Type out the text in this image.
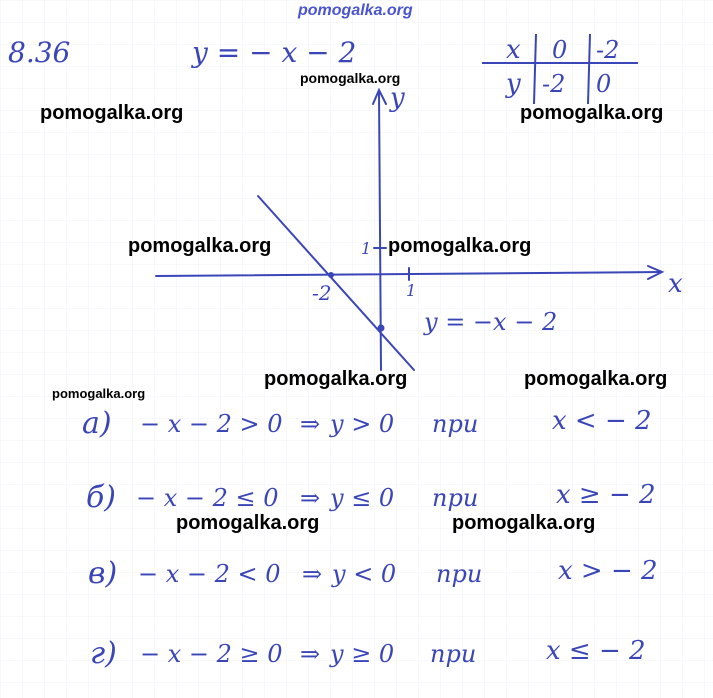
pomogalka.org
8.36	y = − x − 2	x 0 -2
y -2 0
x
y
1
1
-2
y = −x − 2
а) − x − 2 > 0 ⇒ y > 0 при	x < − 2
б) − x − 2 ≤ 0 ⇒ y ≤ 0 при	x ≥ − 2
в) − x − 2 < 0 ⇒ y < 0 при	x > − 2
г) − x − 2 ≥ 0 ⇒ y ≥ 0 при	x ≤ − 2
pomogalka.org
pomogalka.org	pomogalka.org
pomogalka.org	pomogalka.org
pomogalka.org	pomogalka.org
pomogalka.org
pomogalka.org	pomogalka.org
